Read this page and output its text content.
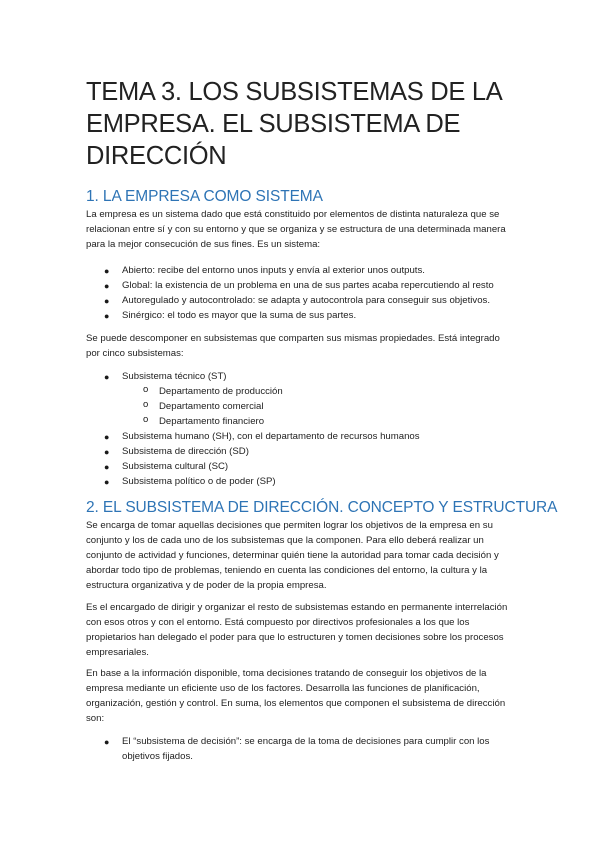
TEMA 3. LOS SUBSISTEMAS DE LA EMPRESA. EL SUBSISTEMA DE DIRECCIÓN
1. LA EMPRESA COMO SISTEMA

La empresa es un sistema dado que está constituido por elementos de distinta naturaleza que se relacionan entre sí y con su entorno y que se organiza y se estructura de una determinada manera para la mejor consecución de sus fines. Es un sistema:

● Abierto: recibe del entorno unos inputs y envía al exterior unos outputs.
● Global: la existencia de un problema en una de sus partes acaba repercutiendo al resto
● Autoregulado y autocontrolado: se adapta y autocontrola para conseguir sus objetivos.
● Sinérgico: el todo es mayor que la suma de sus partes.

Se puede descomponer en subsistemas que comparten sus mismas propiedades. Está integrado por cinco subsistemas:

● Subsistema técnico (ST)
o Departamento de producción
o Departamento comercial
o Departamento financiero
● Subsistema humano (SH), con el departamento de recursos humanos
● Subsistema de dirección (SD)
● Subsistema cultural (SC)
● Subsistema político o de poder (SP)
2. EL SUBSISTEMA DE DIRECCIÓN. CONCEPTO Y ESTRUCTURA

Se encarga de tomar aquellas decisiones que permiten lograr los objetivos de la empresa en su conjunto y los de cada uno de los subsistemas que la componen. Para ello deberá realizar un conjunto de actividad y funciones, determinar quién tiene la autoridad para tomar cada decisión y abordar todo tipo de problemas, teniendo en cuenta las condiciones del entorno, la cultura y la estructura organizativa y de poder de la propia empresa.

Es el encargado de dirigir y organizar el resto de subsistemas estando en permanente interrelación con esos otros y con el entorno. Está compuesto por directivos profesionales a los que los propietarios han delegado el poder para que lo estructuren y tomen decisiones sobre los procesos empresariales.

En base a la información disponible, toma decisiones tratando de conseguir los objetivos de la empresa mediante un eficiente uso de los factores. Desarrolla las funciones de planificación, organización, gestión y control. En suma, los elementos que componen el subsistema de dirección son:

● El “subsistema de decisión”: se encarga de la toma de decisiones para cumplir con los objetivos fijados.
